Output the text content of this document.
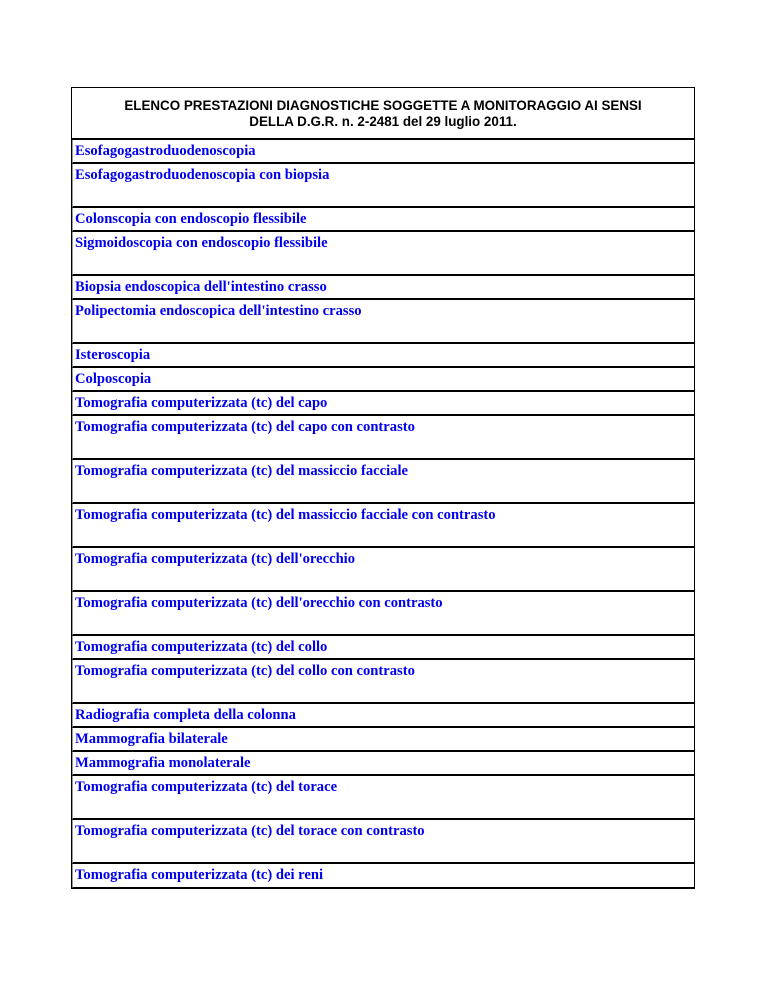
ELENCO PRESTAZIONI DIAGNOSTICHE SOGGETTE A MONITORAGGIO AI SENSI
DELLA D.G.R. n. 2-2481 del 29 luglio 2011.
Esofagogastroduodenoscopia
Esofagogastroduodenoscopia con biopsia
Colonscopia con endoscopio flessibile
Sigmoidoscopia con endoscopio flessibile
Biopsia endoscopica dell'intestino crasso
Polipectomia endoscopica dell'intestino crasso
Isteroscopia
Colposcopia
Tomografia computerizzata (tc) del capo
Tomografia computerizzata (tc) del capo con contrasto
Tomografia computerizzata (tc) del massiccio facciale
Tomografia computerizzata (tc) del massiccio facciale con contrasto
Tomografia computerizzata (tc) dell'orecchio
Tomografia computerizzata (tc) dell'orecchio con contrasto
Tomografia computerizzata (tc) del collo
Tomografia computerizzata (tc) del collo con contrasto
Radiografia completa della colonna
Mammografia bilaterale
Mammografia monolaterale
Tomografia computerizzata (tc) del torace
Tomografia computerizzata (tc) del torace con contrasto
Tomografia computerizzata (tc) dei reni
